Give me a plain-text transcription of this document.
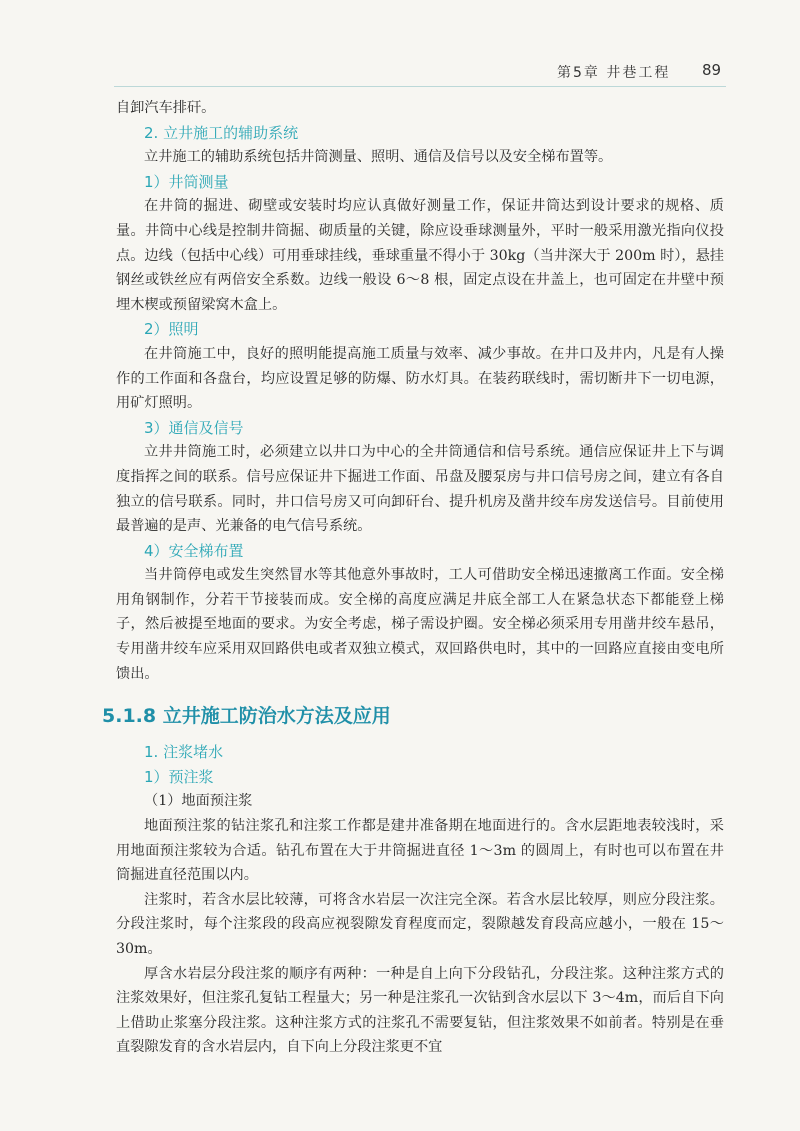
第5章 井巷工程 89

自卸汽车排矸。

2. 立井施工的辅助系统

立井施工的辅助系统包括井筒测量、照明、通信及信号以及安全梯布置等。

1）井筒测量

在井筒的掘进、砌壁或安装时均应认真做好测量工作，保证井筒达到设计要求的规格、质量。井筒中心线是控制井筒掘、砌质量的关键，除应设垂球测量外，平时一般采用激光指向仪投点。边线（包括中心线）可用垂球挂线，垂球重量不得小于 30kg（当井深大于 200m 时），悬挂钢丝或铁丝应有两倍安全系数。边线一般设 6～8 根，固定点设在井盖上，也可固定在井壁中预埋木楔或预留梁窝木盒上。

2）照明

在井筒施工中，良好的照明能提高施工质量与效率、减少事故。在井口及井内，凡是有人操作的工作面和各盘台，均应设置足够的防爆、防水灯具。在装药联线时，需切断井下一切电源，用矿灯照明。

3）通信及信号

立井井筒施工时，必须建立以井口为中心的全井筒通信和信号系统。通信应保证井上下与调度指挥之间的联系。信号应保证井下掘进工作面、吊盘及腰泵房与井口信号房之间，建立有各自独立的信号联系。同时，井口信号房又可向卸矸台、提升机房及凿井绞车房发送信号。目前使用最普遍的是声、光兼备的电气信号系统。

4）安全梯布置

当井筒停电或发生突然冒水等其他意外事故时，工人可借助安全梯迅速撤离工作面。安全梯用角钢制作，分若干节接装而成。安全梯的高度应满足井底全部工人在紧急状态下都能登上梯子，然后被提至地面的要求。为安全考虑，梯子需设护圈。安全梯必须采用专用凿井绞车悬吊，专用凿井绞车应采用双回路供电或者双独立模式，双回路供电时，其中的一回路应直接由变电所馈出。

5.1.8 立井施工防治水方法及应用
1. 注浆堵水
1）预注浆
（1）地面预注浆

地面预注浆的钻注浆孔和注浆工作都是建井准备期在地面进行的。含水层距地表较浅时，采用地面预注浆较为合适。钻孔布置在大于井筒掘进直径 1～3m 的圆周上，有时也可以布置在井筒掘进直径范围以内。

注浆时，若含水层比较薄，可将含水岩层一次注完全深。若含水层比较厚，则应分段注浆。分段注浆时，每个注浆段的段高应视裂隙发育程度而定，裂隙越发育段高应越小，一般在 15～30m。

厚含水岩层分段注浆的顺序有两种：一种是自上向下分段钻孔，分段注浆。这种注浆方式的注浆效果好，但注浆孔复钻工程量大；另一种是注浆孔一次钻到含水层以下 3～4m，而后自下向上借助止浆塞分段注浆。这种注浆方式的注浆孔不需要复钻，但注浆效果不如前者。特别是在垂直裂隙发育的含水岩层内，自下向上分段注浆更不宜
